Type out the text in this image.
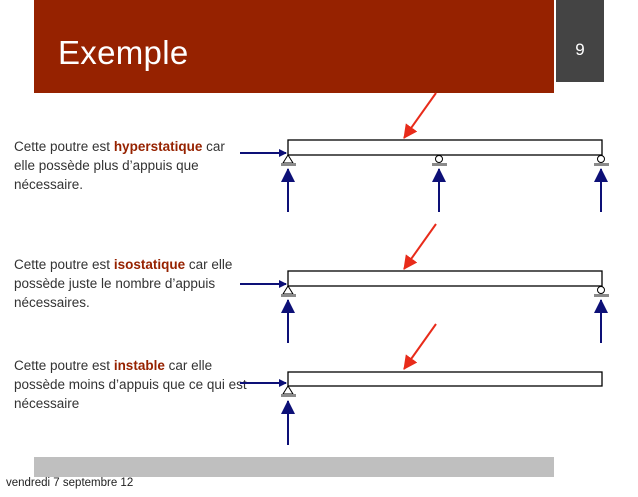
Exemple	9
Cette poutre est hyperstatique car elle possède plus d’appuis que nécessaire.
Cette poutre est isostatique car elle possède juste le nombre d’appuis nécessaires.
Cette poutre est instable car elle possède moins d’appuis que ce qui est nécessaire
vendredi 7 septembre 12
